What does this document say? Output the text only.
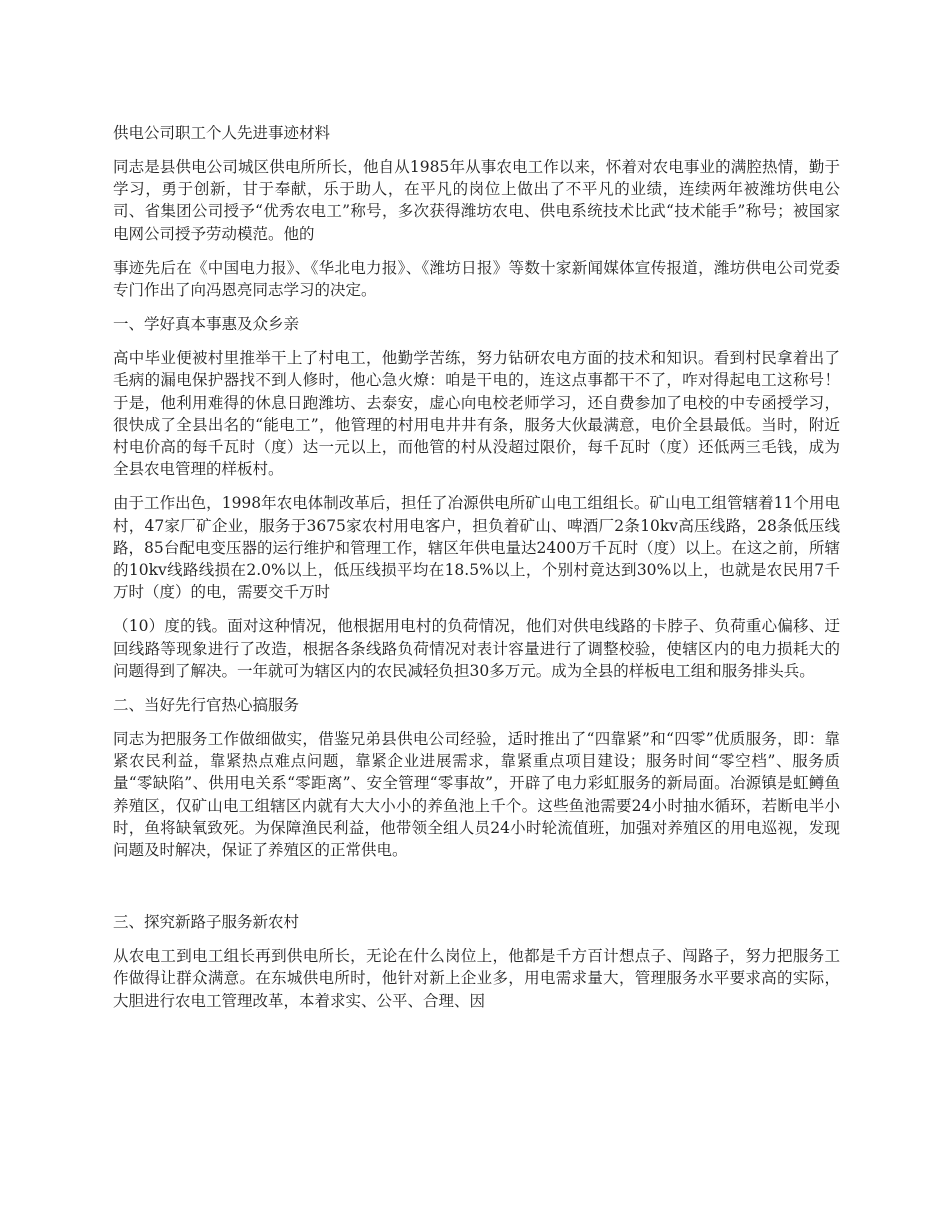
供电公司职工个人先进事迹材料

同志是县供电公司城区供电所所长，他自从1985年从事农电工作以来，怀着对农电事业的满腔热情，勤于学习，勇于创新，甘于奉献，乐于助人，在平凡的岗位上做出了不平凡的业绩，连续两年被潍坊供电公司、省集团公司授予“优秀农电工”称号，多次获得潍坊农电、供电系统技术比武“技术能手”称号；被国家电网公司授予劳动模范。他的

事迹先后在《中国电力报》、《华北电力报》、《潍坊日报》等数十家新闻媒体宣传报道，潍坊供电公司党委专门作出了向冯恩亮同志学习的决定。

一、学好真本事惠及众乡亲

高中毕业便被村里推举干上了村电工，他勤学苦练，努力钻研农电方面的技术和知识。看到村民拿着出了毛病的漏电保护器找不到人修时，他心急火燎：咱是干电的，连这点事都干不了，咋对得起电工这称号！于是，他利用难得的休息日跑潍坊、去泰安，虚心向电校老师学习，还自费参加了电校的中专函授学习，很快成了全县出名的“能电工”，他管理的村用电井井有条，服务大伙最满意，电价全县最低。当时，附近村电价高的每千瓦时（度）达一元以上，而他管的村从没超过限价，每千瓦时（度）还低两三毛钱，成为全县农电管理的样板村。

由于工作出色，1998年农电体制改革后，担任了冶源供电所矿山电工组组长。矿山电工组管辖着11个用电村，47家厂矿企业，服务于3675家农村用电客户，担负着矿山、啤酒厂2条10kv高压线路，28条低压线路，85台配电变压器的运行维护和管理工作，辖区年供电量达2400万千瓦时（度）以上。在这之前，所辖的10kv线路线损在2.0%以上，低压线损平均在18.5%以上，个别村竟达到30%以上，也就是农民用7千万时（度）的电，需要交千万时

（10）度的钱。面对这种情况，他根据用电村的负荷情况，他们对供电线路的卡脖子、负荷重心偏移、迂回线路等现象进行了改造，根据各条线路负荷情况对表计容量进行了调整校验，使辖区内的电力损耗大的问题得到了解决。一年就可为辖区内的农民减轻负担30多万元。成为全县的样板电工组和服务排头兵。

二、当好先行官热心搞服务

同志为把服务工作做细做实，借鉴兄弟县供电公司经验，适时推出了“四靠紧”和“四零”优质服务，即：靠紧农民利益，靠紧热点难点问题，靠紧企业进展需求，靠紧重点项目建设；服务时间“零空档”、服务质量“零缺陷”、供用电关系“零距离”、安全管理“零事故”，开辟了电力彩虹服务的新局面。冶源镇是虹鳟鱼养殖区，仅矿山电工组辖区内就有大大小小的养鱼池上千个。这些鱼池需要24小时抽水循环，若断电半小时，鱼将缺氧致死。为保障渔民利益，他带领全组人员24小时轮流值班，加强对养殖区的用电巡视，发现问题及时解决，保证了养殖区的正常供电。

三、探究新路子服务新农村

从农电工到电工组长再到供电所长，无论在什么岗位上，他都是千方百计想点子、闯路子，努力把服务工作做得让群众满意。在东城供电所时，他针对新上企业多，用电需求量大，管理服务水平要求高的实际，大胆进行农电工管理改革，本着求实、公平、合理、因
